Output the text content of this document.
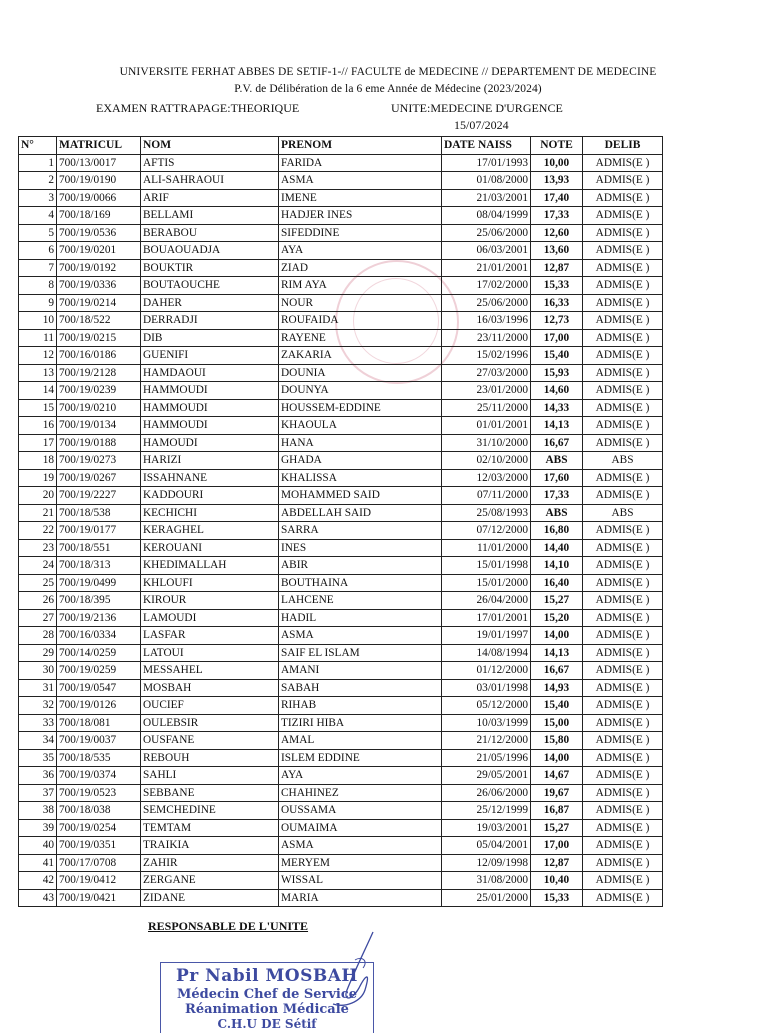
UNIVERSITE FERHAT ABBES DE SETIF-1-// FACULTE de MEDECINE // DEPARTEMENT DE MEDECINE
P.V. de Délibération de la 6 eme Année de Médecine (2023/2024)
EXAMEN RATTRAPAGE:THEORIQUE	UNITE:MEDECINE D'URGENCE
15/07/2024
N°	MATRICUL	NOM	PRENOM	DATE NAISS	NOTE	DELIB
1	700/13/0017	AFTIS	FARIDA	17/01/1993	10,00	ADMIS(E )
2	700/19/0190	ALI-SAHRAOUI	ASMA	01/08/2000	13,93	ADMIS(E )
3	700/19/0066	ARIF	IMENE	21/03/2001	17,40	ADMIS(E )
4	700/18/169	BELLAMI	HADJER INES	08/04/1999	17,33	ADMIS(E )
5	700/19/0536	BERABOU	SIFEDDINE	25/06/2000	12,60	ADMIS(E )
6	700/19/0201	BOUAOUADJA	AYA	06/03/2001	13,60	ADMIS(E )
7	700/19/0192	BOUKTIR	ZIAD	21/01/2001	12,87	ADMIS(E )
8	700/19/0336	BOUTAOUCHE	RIM AYA	17/02/2000	15,33	ADMIS(E )
9	700/19/0214	DAHER	NOUR	25/06/2000	16,33	ADMIS(E )
10	700/18/522	DERRADJI	ROUFAIDA	16/03/1996	12,73	ADMIS(E )
11	700/19/0215	DIB	RAYENE	23/11/2000	17,00	ADMIS(E )
12	700/16/0186	GUENIFI	ZAKARIA	15/02/1996	15,40	ADMIS(E )
13	700/19/2128	HAMDAOUI	DOUNIA	27/03/2000	15,93	ADMIS(E )
14	700/19/0239	HAMMOUDI	DOUNYA	23/01/2000	14,60	ADMIS(E )
15	700/19/0210	HAMMOUDI	HOUSSEM-EDDINE	25/11/2000	14,33	ADMIS(E )
16	700/19/0134	HAMMOUDI	KHAOULA	01/01/2001	14,13	ADMIS(E )
17	700/19/0188	HAMOUDI	HANA	31/10/2000	16,67	ADMIS(E )
18	700/19/0273	HARIZI	GHADA	02/10/2000	ABS	ABS
19	700/19/0267	ISSAHNANE	KHALISSA	12/03/2000	17,60	ADMIS(E )
20	700/19/2227	KADDOURI	MOHAMMED SAID	07/11/2000	17,33	ADMIS(E )
21	700/18/538	KECHICHI	ABDELLAH SAID	25/08/1993	ABS	ABS
22	700/19/0177	KERAGHEL	SARRA	07/12/2000	16,80	ADMIS(E )
23	700/18/551	KEROUANI	INES	11/01/2000	14,40	ADMIS(E )
24	700/18/313	KHEDIMALLAH	ABIR	15/01/1998	14,10	ADMIS(E )
25	700/19/0499	KHLOUFI	BOUTHAINA	15/01/2000	16,40	ADMIS(E )
26	700/18/395	KIROUR	LAHCENE	26/04/2000	15,27	ADMIS(E )
27	700/19/2136	LAMOUDI	HADIL	17/01/2001	15,20	ADMIS(E )
28	700/16/0334	LASFAR	ASMA	19/01/1997	14,00	ADMIS(E )
29	700/14/0259	LATOUI	SAIF EL ISLAM	14/08/1994	14,13	ADMIS(E )
30	700/19/0259	MESSAHEL	AMANI	01/12/2000	16,67	ADMIS(E )
31	700/19/0547	MOSBAH	SABAH	03/01/1998	14,93	ADMIS(E )
32	700/19/0126	OUCIEF	RIHAB	05/12/2000	15,40	ADMIS(E )
33	700/18/081	OULEBSIR	TIZIRI HIBA	10/03/1999	15,00	ADMIS(E )
34	700/19/0037	OUSFANE	AMAL	21/12/2000	15,80	ADMIS(E )
35	700/18/535	REBOUH	ISLEM EDDINE	21/05/1996	14,00	ADMIS(E )
36	700/19/0374	SAHLI	AYA	29/05/2001	14,67	ADMIS(E )
37	700/19/0523	SEBBANE	CHAHINEZ	26/06/2000	19,67	ADMIS(E )
38	700/18/038	SEMCHEDINE	OUSSAMA	25/12/1999	16,87	ADMIS(E )
39	700/19/0254	TEMTAM	OUMAIMA	19/03/2001	15,27	ADMIS(E )
40	700/19/0351	TRAIKIA	ASMA	05/04/2001	17,00	ADMIS(E )
41	700/17/0708	ZAHIR	MERYEM	12/09/1998	12,87	ADMIS(E )
42	700/19/0412	ZERGANE	WISSAL	31/08/2000	10,40	ADMIS(E )
43	700/19/0421	ZIDANE	MARIA	25/01/2000	15,33	ADMIS(E )
RESPONSABLE DE L'UNITE
Pr Nabil MOSBAH
Médecin Chef de Service
Réanimation Médicale
C.H.U DE Sétif
